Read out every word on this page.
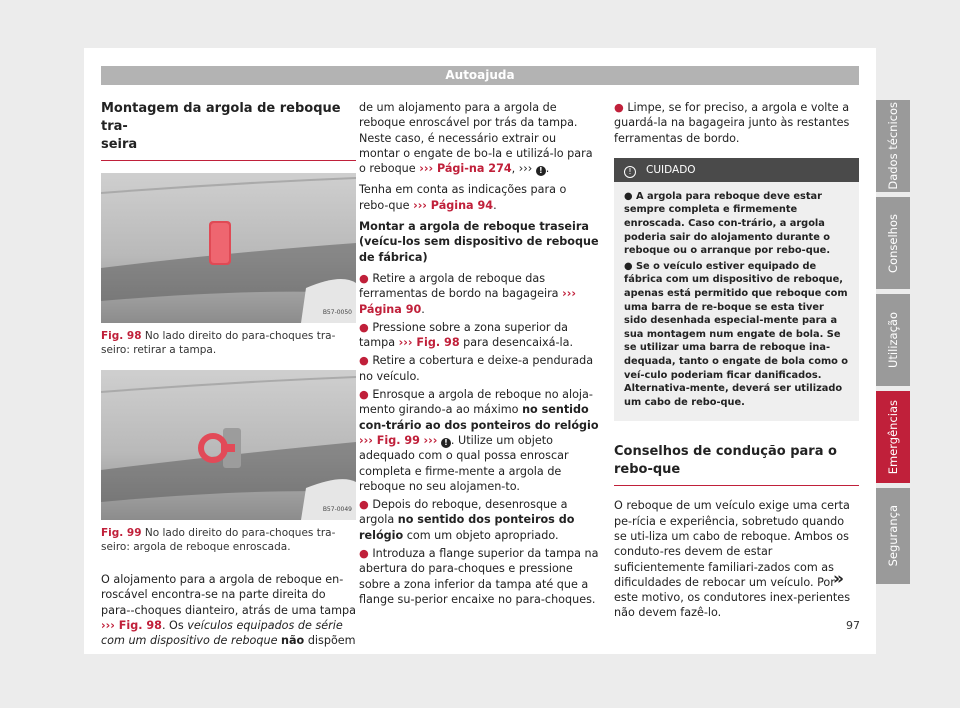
Autoajuda
Montagem da argola de reboque tra-
seira
B57-0050
Fig. 98 No lado direito do para-choques tra-seiro: retirar a tampa.
B57-0049
Fig. 99 No lado direito do para-choques tra-seiro: argola de reboque enroscada.

O alojamento para a argola de reboque en-roscável encontra-se na parte direita do para--choques dianteiro, atrás de uma tampa ››› Fig. 98. Os veículos equipados de série com um dispositivo de reboque não dispõem

de um alojamento para a argola de reboque enroscável por trás da tampa. Neste caso, é necessário extrair ou montar o engate de bo-la e utilizá-lo para o reboque ››› Pági-na 274, ››› ! .

Tenha em conta as indicações para o rebo-que ››› Página 94.

Montar a argola de reboque traseira (veícu-los sem dispositivo de reboque de fábrica)

● Retire a argola de reboque das ferramentas de bordo na bagageira ››› Página 90.

● Pressione sobre a zona superior da tampa ››› Fig. 98 para desencaixá-la.

● Retire a cobertura e deixe-a pendurada no veículo.

● Enrosque a argola de reboque no aloja-mento girando-a ao máximo no sentido con-trário ao dos ponteiros do relógio ››› Fig. 99 ››› ! . Utilize um objeto adequado com o qual possa enroscar completa e firme-mente a argola de reboque no seu alojamen-to.

● Depois do reboque, desenrosque a argola no sentido dos ponteiros do relógio com um objeto apropriado.

● Introduza a flange superior da tampa na abertura do para-choques e pressione sobre a zona inferior da tampa até que a flange su-perior encaixe no para-choques.

● Limpe, se for preciso, a argola e volte a guardá-la na bagageira junto às restantes ferramentas de bordo.

! CUIDADO

● A argola para reboque deve estar sempre completa e firmemente enroscada. Caso con-trário, a argola poderia sair do alojamento durante o reboque ou o arranque por rebo-que.

● Se o veículo estiver equipado de fábrica com um dispositivo de reboque, apenas está permitido que reboque com uma barra de re-boque se esta tiver sido desenhada especial-mente para a sua montagem num engate de bola. Se se utilizar uma barra de reboque ina-dequada, tanto o engate de bola como o veí-culo poderiam ficar danificados. Alternativa-mente, deverá ser utilizado um cabo de rebo-que.

Conselhos de condução para o rebo-que

O reboque de um veículo exige uma certa pe-rícia e experiência, sobretudo quando se uti-liza um cabo de reboque. Ambos os conduto-res devem de estar suficientemente familiari-zados com as dificuldades de rebocar um veículo. Por este motivo, os condutores inex-perientes não devem fazê-lo.

»
97
Dados técnicos
Conselhos
Utilização
Emergências
Segurança
